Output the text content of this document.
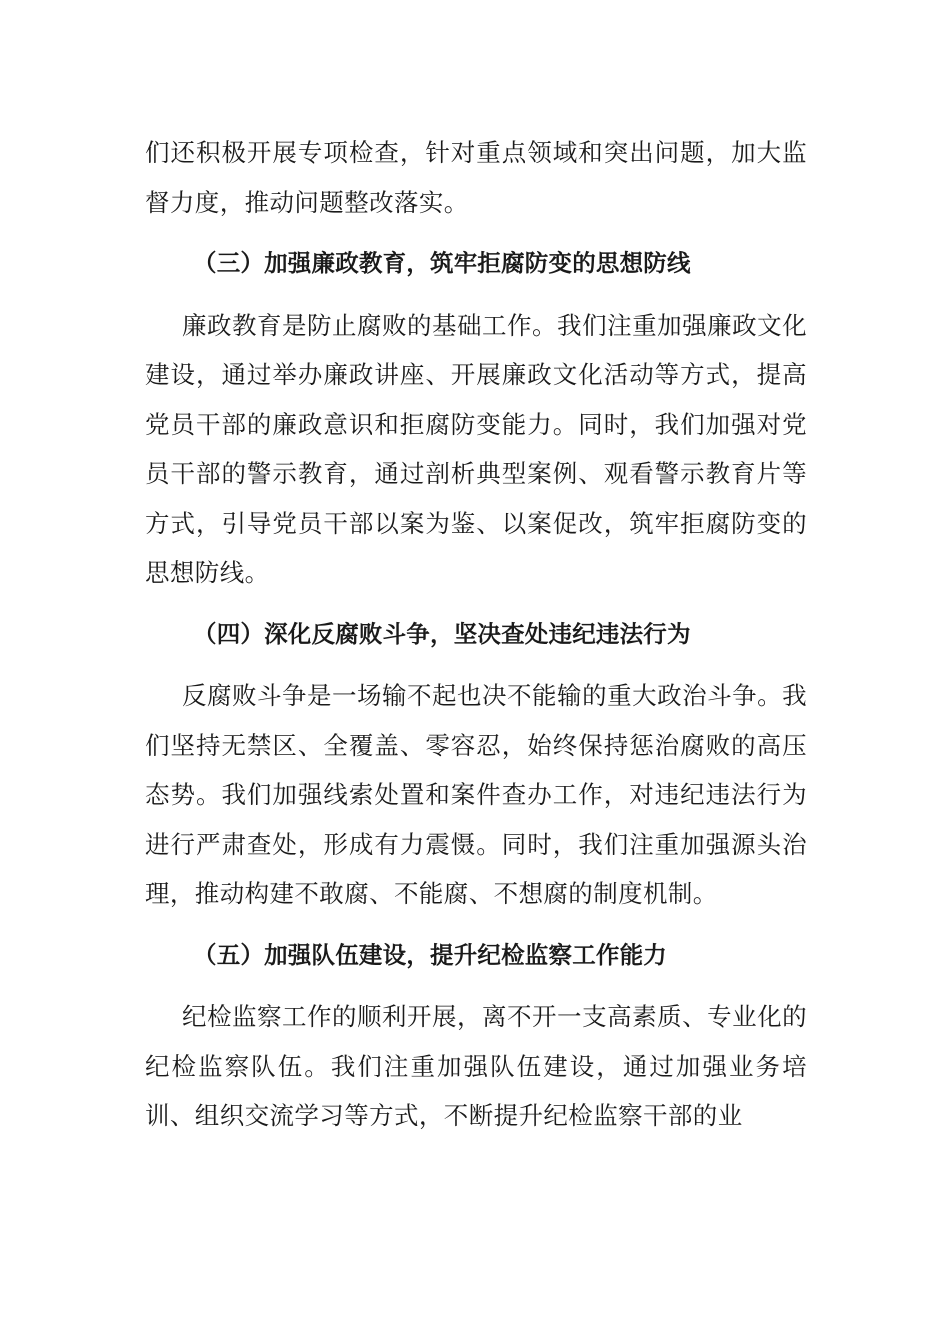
们还积极开展专项检查，针对重点领域和突出问题，加大监督力度，推动问题整改落实。

（三）加强廉政教育，筑牢拒腐防变的思想防线

廉政教育是防止腐败的基础工作。我们注重加强廉政文化建设，通过举办廉政讲座、开展廉政文化活动等方式，提高党员干部的廉政意识和拒腐防变能力。同时，我们加强对党员干部的警示教育，通过剖析典型案例、观看警示教育片等方式，引导党员干部以案为鉴、以案促改，筑牢拒腐防变的思想防线。

（四）深化反腐败斗争，坚决查处违纪违法行为

反腐败斗争是一场输不起也决不能输的重大政治斗争。我们坚持无禁区、全覆盖、零容忍，始终保持惩治腐败的高压态势。我们加强线索处置和案件查办工作，对违纪违法行为进行严肃查处，形成有力震慑。同时，我们注重加强源头治理，推动构建不敢腐、不能腐、不想腐的制度机制。

（五）加强队伍建设，提升纪检监察工作能力

纪检监察工作的顺利开展，离不开一支高素质、专业化的纪检监察队伍。我们注重加强队伍建设，通过加强业务培训、组织交流学习等方式，不断提升纪检监察干部的业
